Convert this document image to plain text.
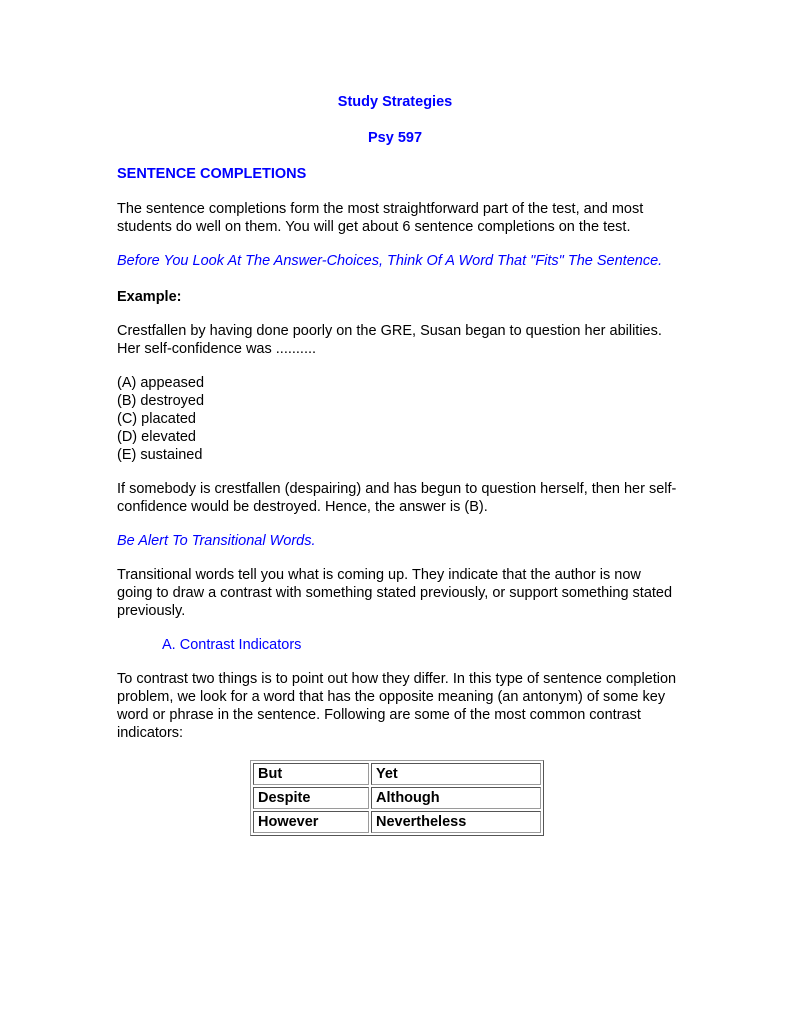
Study Strategies
Psy 597
SENTENCE COMPLETIONS

The sentence completions form the most straightforward part of the test, and most students do well on them. You will get about 6 sentence completions on the test.

Before You Look At The Answer-Choices, Think Of A Word That "Fits" The Sentence.

Example:

Crestfallen by having done poorly on the GRE, Susan began to question her abilities. Her self-confidence was ..........

(A) appeased
(B) destroyed
(C) placated
(D) elevated
(E) sustained

If somebody is crestfallen (despairing) and has begun to question herself, then her self-confidence would be destroyed. Hence, the answer is (B).

Be Alert To Transitional Words.

Transitional words tell you what is coming up. They indicate that the author is now going to draw a contrast with something stated previously, or support something stated previously.

A. Contrast Indicators

To contrast two things is to point out how they differ. In this type of sentence completion problem, we look for a word that has the opposite meaning (an antonym) of some key word or phrase in the sentence. Following are some of the most common contrast indicators:

But	Yet
Despite	Although
However	Nevertheless
